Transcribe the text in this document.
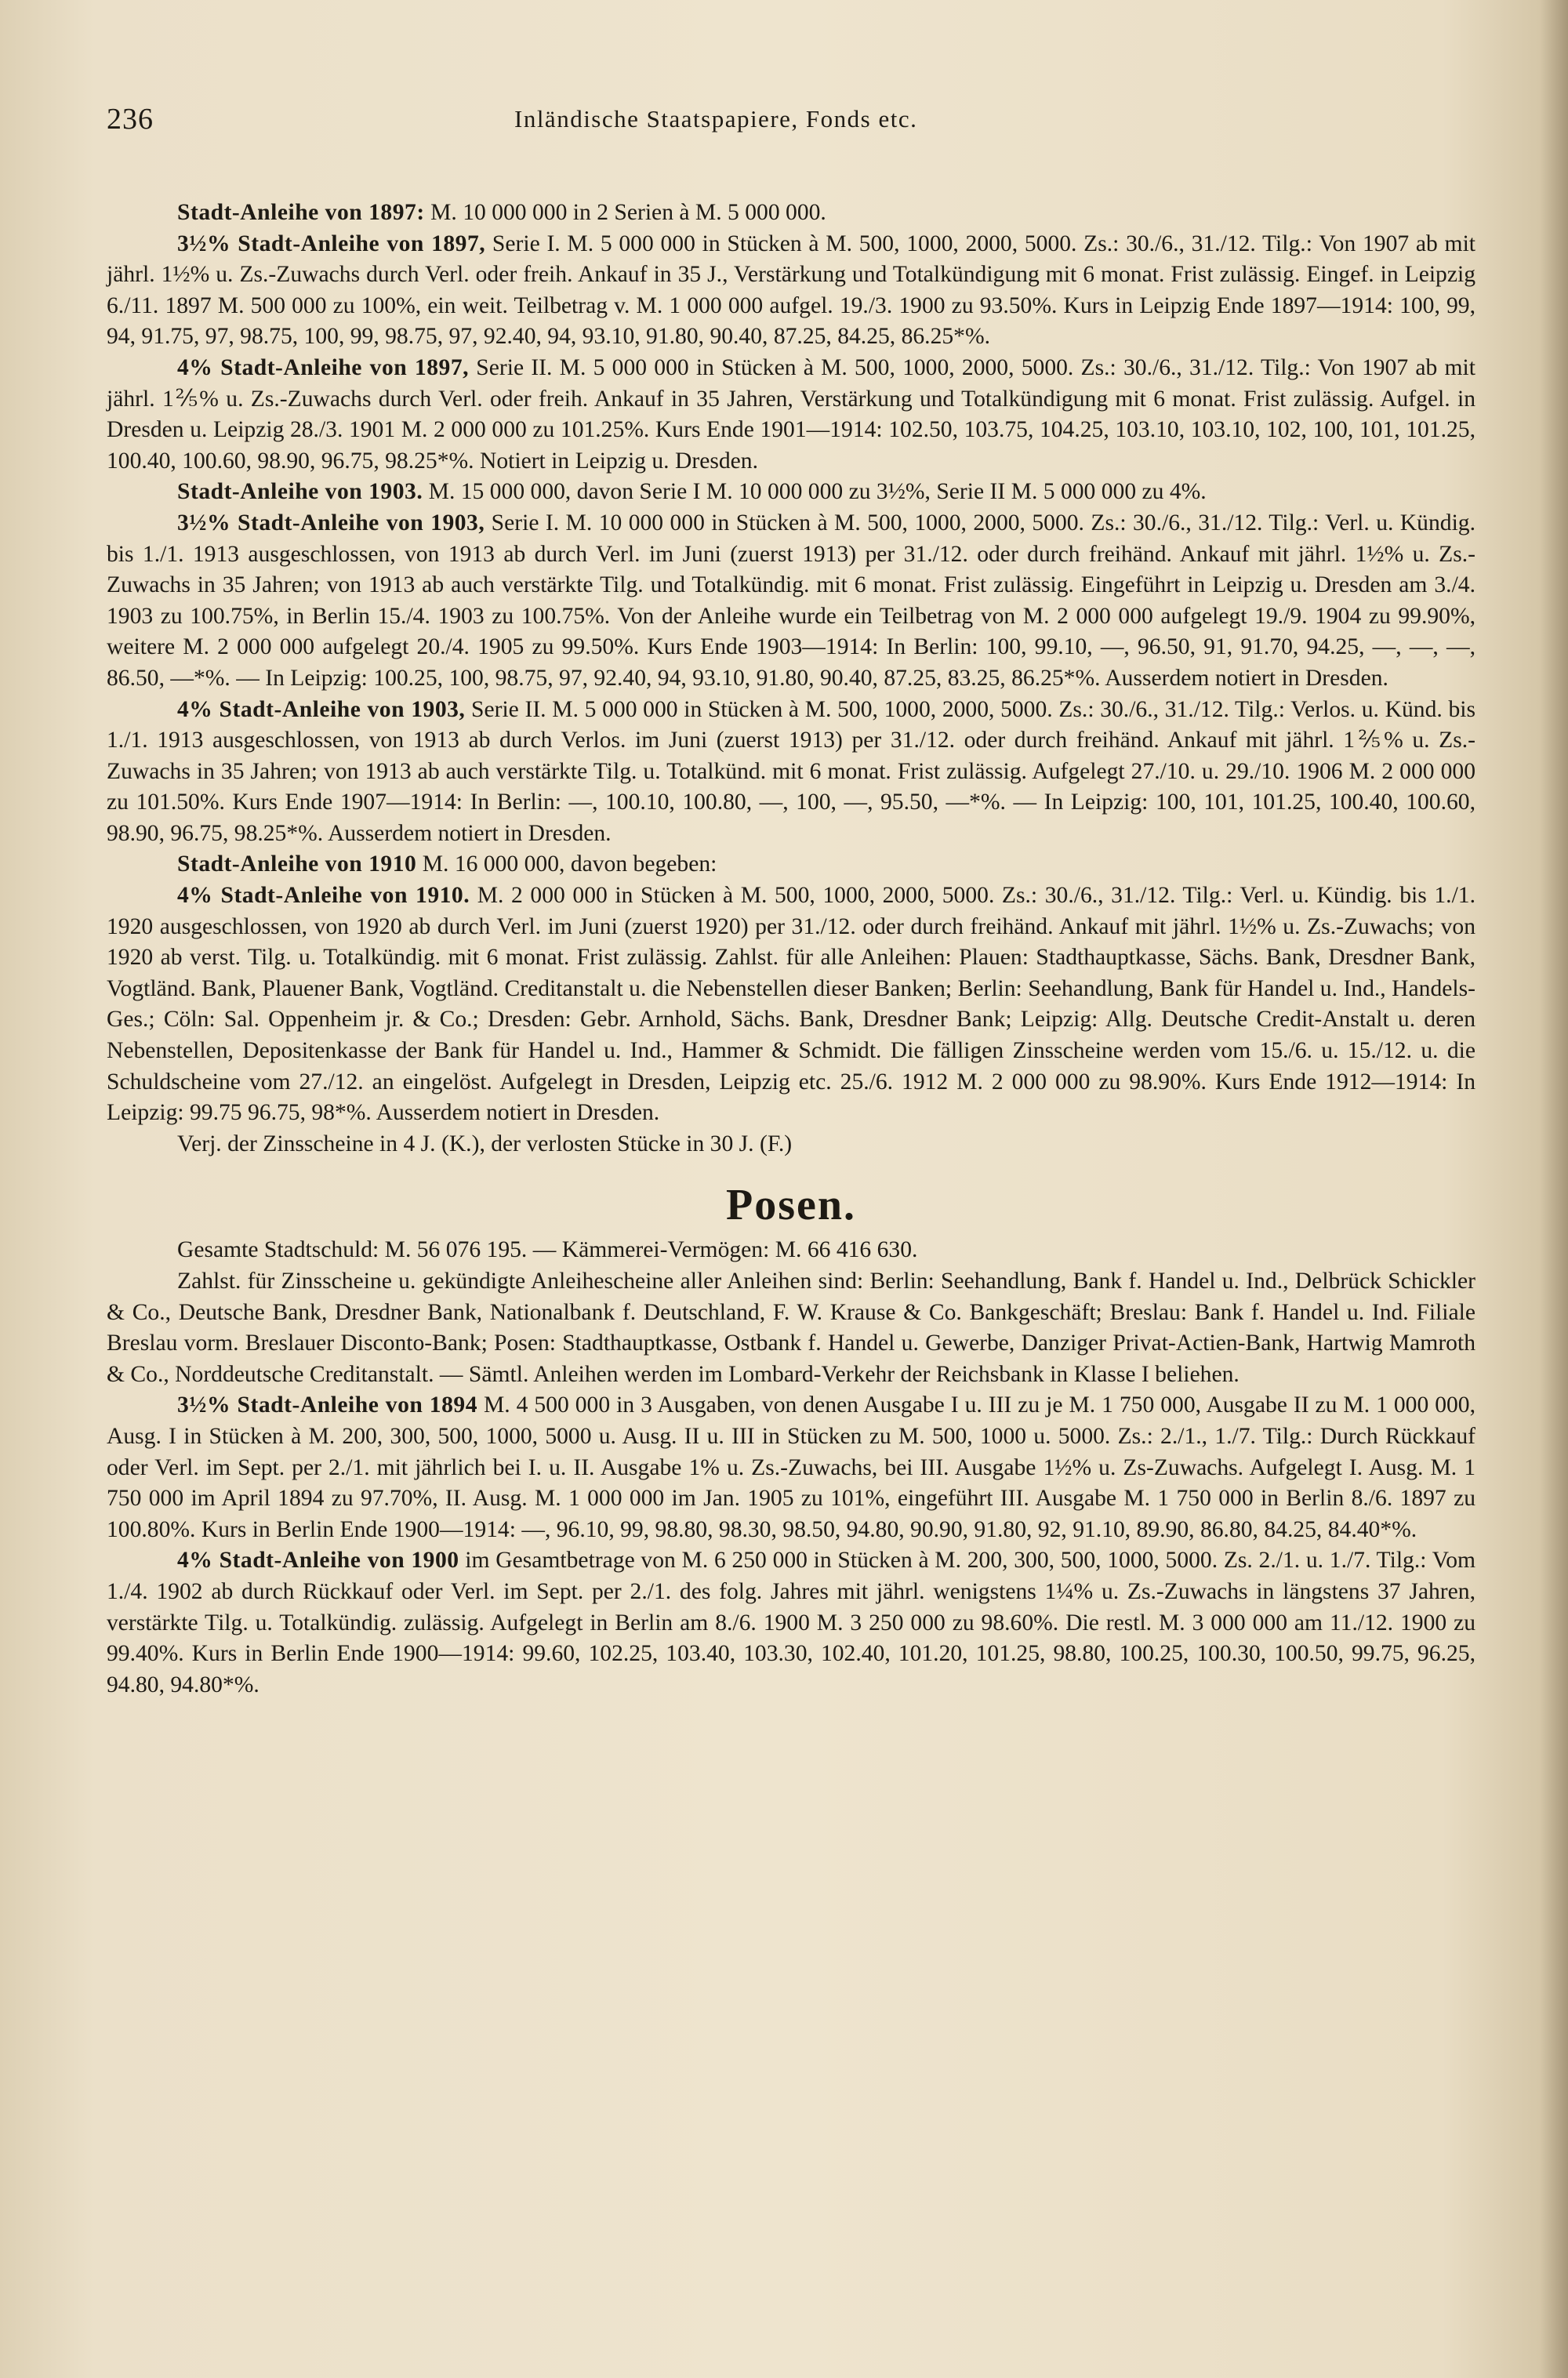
236	Inländische Staatspapiere, Fonds etc.

Stadt-Anleihe von 1897: M. 10 000 000 in 2 Serien à M. 5 000 000.

3½% Stadt-Anleihe von 1897, Serie I. M. 5 000 000 in Stücken à M. 500, 1000, 2000, 5000. Zs.: 30./6., 31./12. Tilg.: Von 1907 ab mit jährl. 1½% u. Zs.-Zuwachs durch Verl. oder freih. Ankauf in 35 J., Verstärkung und Totalkündigung mit 6 monat. Frist zulässig. Eingef. in Leipzig 6./11. 1897 M. 500 000 zu 100%, ein weit. Teilbetrag v. M. 1 000 000 aufgel. 19./3. 1900 zu 93.50%. Kurs in Leipzig Ende 1897—1914: 100, 99, 94, 91.75, 97, 98.75, 100, 99, 98.75, 97, 92.40, 94, 93.10, 91.80, 90.40, 87.25, 84.25, 86.25*%.

4% Stadt-Anleihe von 1897, Serie II. M. 5 000 000 in Stücken à M. 500, 1000, 2000, 5000. Zs.: 30./6., 31./12. Tilg.: Von 1907 ab mit jährl. 1⅖% u. Zs.-Zuwachs durch Verl. oder freih. Ankauf in 35 Jahren, Verstärkung und Totalkündigung mit 6 monat. Frist zulässig. Aufgel. in Dresden u. Leipzig 28./3. 1901 M. 2 000 000 zu 101.25%. Kurs Ende 1901—1914: 102.50, 103.75, 104.25, 103.10, 103.10, 102, 100, 101, 101.25, 100.40, 100.60, 98.90, 96.75, 98.25*%. Notiert in Leipzig u. Dresden.

Stadt-Anleihe von 1903. M. 15 000 000, davon Serie I M. 10 000 000 zu 3½%, Serie II M. 5 000 000 zu 4%.

3½% Stadt-Anleihe von 1903, Serie I. M. 10 000 000 in Stücken à M. 500, 1000, 2000, 5000. Zs.: 30./6., 31./12. Tilg.: Verl. u. Kündig. bis 1./1. 1913 ausgeschlossen, von 1913 ab durch Verl. im Juni (zuerst 1913) per 31./12. oder durch freihänd. Ankauf mit jährl. 1½% u. Zs.-Zuwachs in 35 Jahren; von 1913 ab auch verstärkte Tilg. und Totalkündig. mit 6 monat. Frist zulässig. Eingeführt in Leipzig u. Dresden am 3./4. 1903 zu 100.75%, in Berlin 15./4. 1903 zu 100.75%. Von der Anleihe wurde ein Teilbetrag von M. 2 000 000 aufgelegt 19./9. 1904 zu 99.90%, weitere M. 2 000 000 aufgelegt 20./4. 1905 zu 99.50%. Kurs Ende 1903—1914: In Berlin: 100, 99.10, —, 96.50, 91, 91.70, 94.25, —, —, —, 86.50, —*%. — In Leipzig: 100.25, 100, 98.75, 97, 92.40, 94, 93.10, 91.80, 90.40, 87.25, 83.25, 86.25*%. Ausserdem notiert in Dresden.

4% Stadt-Anleihe von 1903, Serie II. M. 5 000 000 in Stücken à M. 500, 1000, 2000, 5000. Zs.: 30./6., 31./12. Tilg.: Verlos. u. Künd. bis 1./1. 1913 ausgeschlossen, von 1913 ab durch Verlos. im Juni (zuerst 1913) per 31./12. oder durch freihänd. Ankauf mit jährl. 1⅖% u. Zs.-Zuwachs in 35 Jahren; von 1913 ab auch verstärkte Tilg. u. Totalkünd. mit 6 monat. Frist zulässig. Aufgelegt 27./10. u. 29./10. 1906 M. 2 000 000 zu 101.50%. Kurs Ende 1907—1914: In Berlin: —, 100.10, 100.80, —, 100, —, 95.50, —*%. — In Leipzig: 100, 101, 101.25, 100.40, 100.60, 98.90, 96.75, 98.25*%. Ausserdem notiert in Dresden.

Stadt-Anleihe von 1910 M. 16 000 000, davon begeben:

4% Stadt-Anleihe von 1910. M. 2 000 000 in Stücken à M. 500, 1000, 2000, 5000. Zs.: 30./6., 31./12. Tilg.: Verl. u. Kündig. bis 1./1. 1920 ausgeschlossen, von 1920 ab durch Verl. im Juni (zuerst 1920) per 31./12. oder durch freihänd. Ankauf mit jährl. 1½% u. Zs.-Zuwachs; von 1920 ab verst. Tilg. u. Totalkündig. mit 6 monat. Frist zulässig. Zahlst. für alle Anleihen: Plauen: Stadthauptkasse, Sächs. Bank, Dresdner Bank, Vogtländ. Bank, Plauener Bank, Vogtländ. Creditanstalt u. die Nebenstellen dieser Banken; Berlin: Seehandlung, Bank für Handel u. Ind., Handels-Ges.; Cöln: Sal. Oppenheim jr. & Co.; Dresden: Gebr. Arnhold, Sächs. Bank, Dresdner Bank; Leipzig: Allg. Deutsche Credit-Anstalt u. deren Nebenstellen, Depositenkasse der Bank für Handel u. Ind., Hammer & Schmidt. Die fälligen Zinsscheine werden vom 15./6. u. 15./12. u. die Schuldscheine vom 27./12. an eingelöst. Aufgelegt in Dresden, Leipzig etc. 25./6. 1912 M. 2 000 000 zu 98.90%. Kurs Ende 1912—1914: In Leipzig: 99.75 96.75, 98*%. Ausserdem notiert in Dresden.

Verj. der Zinsscheine in 4 J. (K.), der verlosten Stücke in 30 J. (F.)

Posen.

Gesamte Stadtschuld: M. 56 076 195. — Kämmerei-Vermögen: M. 66 416 630.

Zahlst. für Zinsscheine u. gekündigte Anleihescheine aller Anleihen sind: Berlin: Seehandlung, Bank f. Handel u. Ind., Delbrück Schickler & Co., Deutsche Bank, Dresdner Bank, Nationalbank f. Deutschland, F. W. Krause & Co. Bankgeschäft; Breslau: Bank f. Handel u. Ind. Filiale Breslau vorm. Breslauer Disconto-Bank; Posen: Stadthauptkasse, Ostbank f. Handel u. Gewerbe, Danziger Privat-Actien-Bank, Hartwig Mamroth & Co., Norddeutsche Creditanstalt. — Sämtl. Anleihen werden im Lombard-Verkehr der Reichsbank in Klasse I beliehen.

3½% Stadt-Anleihe von 1894 M. 4 500 000 in 3 Ausgaben, von denen Ausgabe I u. III zu je M. 1 750 000, Ausgabe II zu M. 1 000 000, Ausg. I in Stücken à M. 200, 300, 500, 1000, 5000 u. Ausg. II u. III in Stücken zu M. 500, 1000 u. 5000. Zs.: 2./1., 1./7. Tilg.: Durch Rückkauf oder Verl. im Sept. per 2./1. mit jährlich bei I. u. II. Ausgabe 1% u. Zs.-Zuwachs, bei III. Ausgabe 1½% u. Zs-Zuwachs. Aufgelegt I. Ausg. M. 1 750 000 im April 1894 zu 97.70%, II. Ausg. M. 1 000 000 im Jan. 1905 zu 101%, eingeführt III. Ausgabe M. 1 750 000 in Berlin 8./6. 1897 zu 100.80%. Kurs in Berlin Ende 1900—1914: —, 96.10, 99, 98.80, 98.30, 98.50, 94.80, 90.90, 91.80, 92, 91.10, 89.90, 86.80, 84.25, 84.40*%.

4% Stadt-Anleihe von 1900 im Gesamtbetrage von M. 6 250 000 in Stücken à M. 200, 300, 500, 1000, 5000. Zs. 2./1. u. 1./7. Tilg.: Vom 1./4. 1902 ab durch Rückkauf oder Verl. im Sept. per 2./1. des folg. Jahres mit jährl. wenigstens 1¼% u. Zs.-Zuwachs in längstens 37 Jahren, verstärkte Tilg. u. Totalkündig. zulässig. Aufgelegt in Berlin am 8./6. 1900 M. 3 250 000 zu 98.60%. Die restl. M. 3 000 000 am 11./12. 1900 zu 99.40%. Kurs in Berlin Ende 1900—1914: 99.60, 102.25, 103.40, 103.30, 102.40, 101.20, 101.25, 98.80, 100.25, 100.30, 100.50, 99.75, 96.25, 94.80, 94.80*%.
